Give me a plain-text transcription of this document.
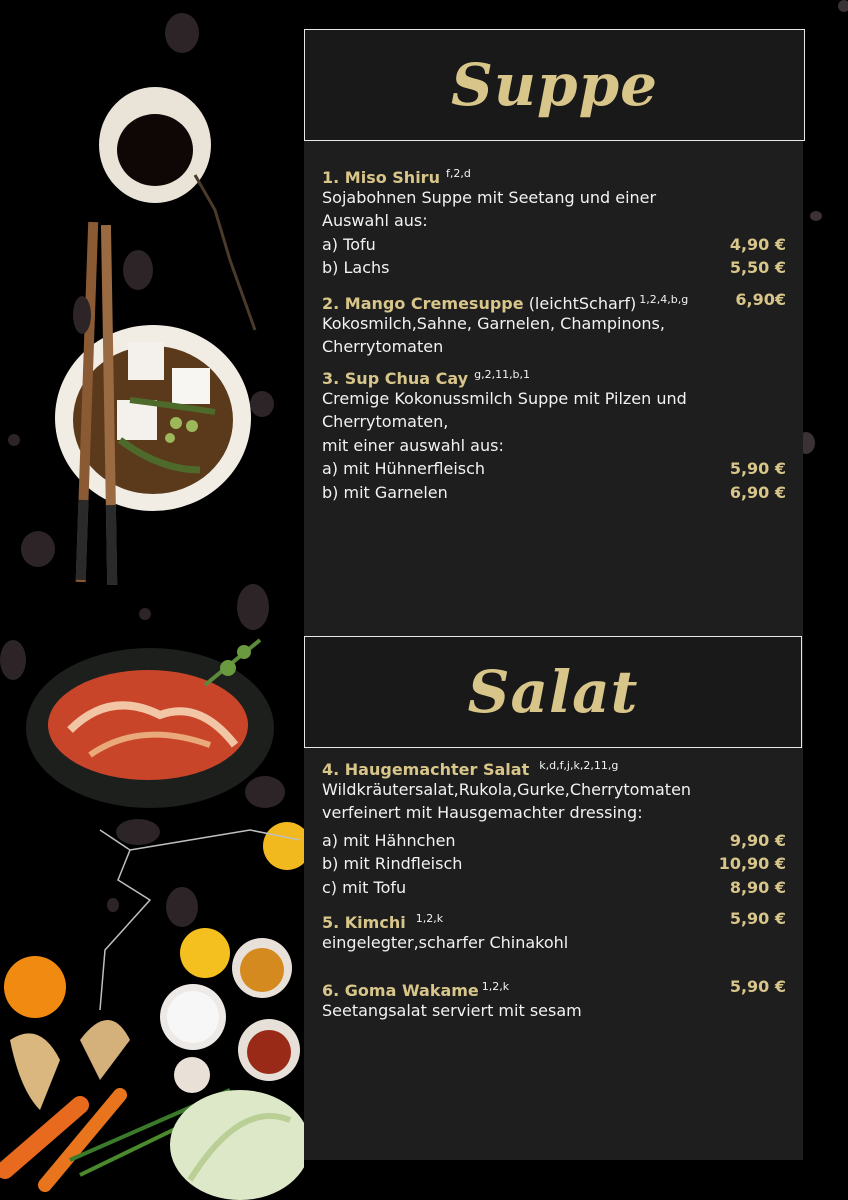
Suppe
1. Miso Shiru $^{f,2,d}$
Sojabohnen Suppe mit Seetang und einer
Auswahl aus:
a) Tofu	4,90 €
b) Lachs	5,50 €
2. Mango Cremesuppe (leichtScharf) $^{1,2,4,b,g}$	6,90€
Kokosmilch,Sahne, Garnelen, Champinons,
Cherrytomaten
3. Sup Chua Cay $^{g,2,11,b,1}$
Cremige Kokonussmilch Suppe mit Pilzen und
Cherrytomaten,
mit einer auswahl aus:
a) mit Hühnerfleisch	5,90 €
b) mit Garnelen	6,90 €
Salat
4. Haugemachter Salat $^{k,d,f,j,k,2,11,g}$
Wildkräutersalat,Rukola,Gurke,Cherrytomaten
verfeinert mit Hausgemachter dressing:
a) mit Hähnchen	9,90 €
b) mit Rindfleisch	10,90 €
c) mit Tofu	8,90 €
5. Kimchi $^{1,2,k}$	5,90 €
eingelegter,scharfer Chinakohl
6. Goma Wakame $^{1,2,k}$	5,90 €
Seetangsalat serviert mit sesam
